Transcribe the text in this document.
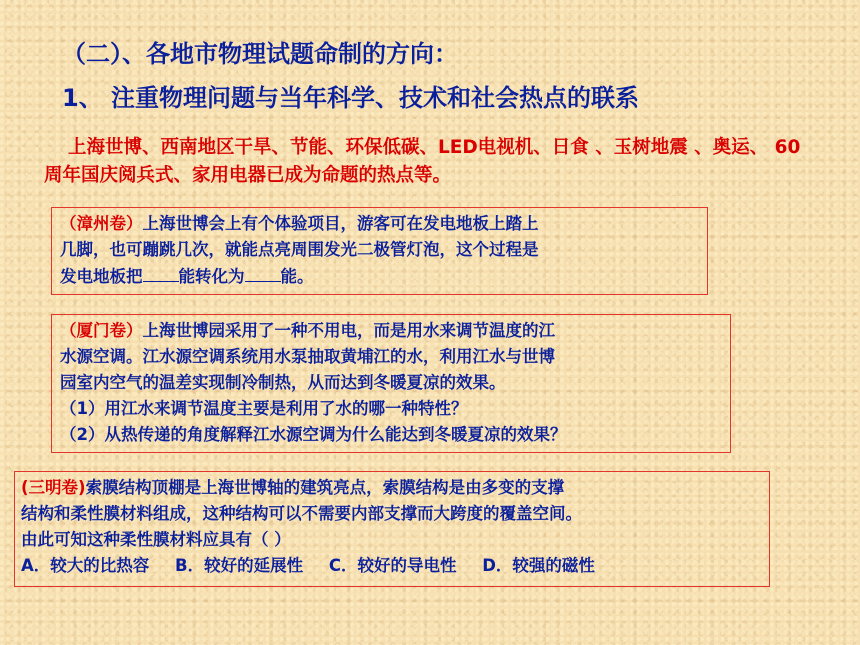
（二）、各地市物理试题命制的方向：
1、 注重物理问题与当年科学、技术和社会热点的联系
上海世博、西南地区干旱、节能、环保低碳、LED电视机、日食 、玉树地震 、奥运、 60周年国庆阅兵式、家用电器已成为命题的热点等。
（漳州卷）上海世博会上有个体验项目，游客可在发电地板上踏上
几脚，也可蹦跳几次，就能点亮周围发光二极管灯泡，这个过程是
发电地板把 能转化为 能。
（厦门卷）上海世博园采用了一种不用电，而是用水来调节温度的江
水源空调。江水源空调系统用水泵抽取黄埔江的水，利用江水与世博
园室内空气的温差实现制冷制热，从而达到冬暖夏凉的效果。
（1）用江水来调节温度主要是利用了水的哪一种特性？
（2）从热传递的角度解释江水源空调为什么能达到冬暖夏凉的效果？
(三明卷)索膜结构顶棚是上海世博轴的建筑亮点，索膜结构是由多变的支撑
结构和柔性膜材料组成，这种结构可以不需要内部支撑而大跨度的覆盖空间。
由此可知这种柔性膜材料应具有（ ）
A．较大的比热容 B．较好的延展性 C．较好的导电性 D．较强的磁性
